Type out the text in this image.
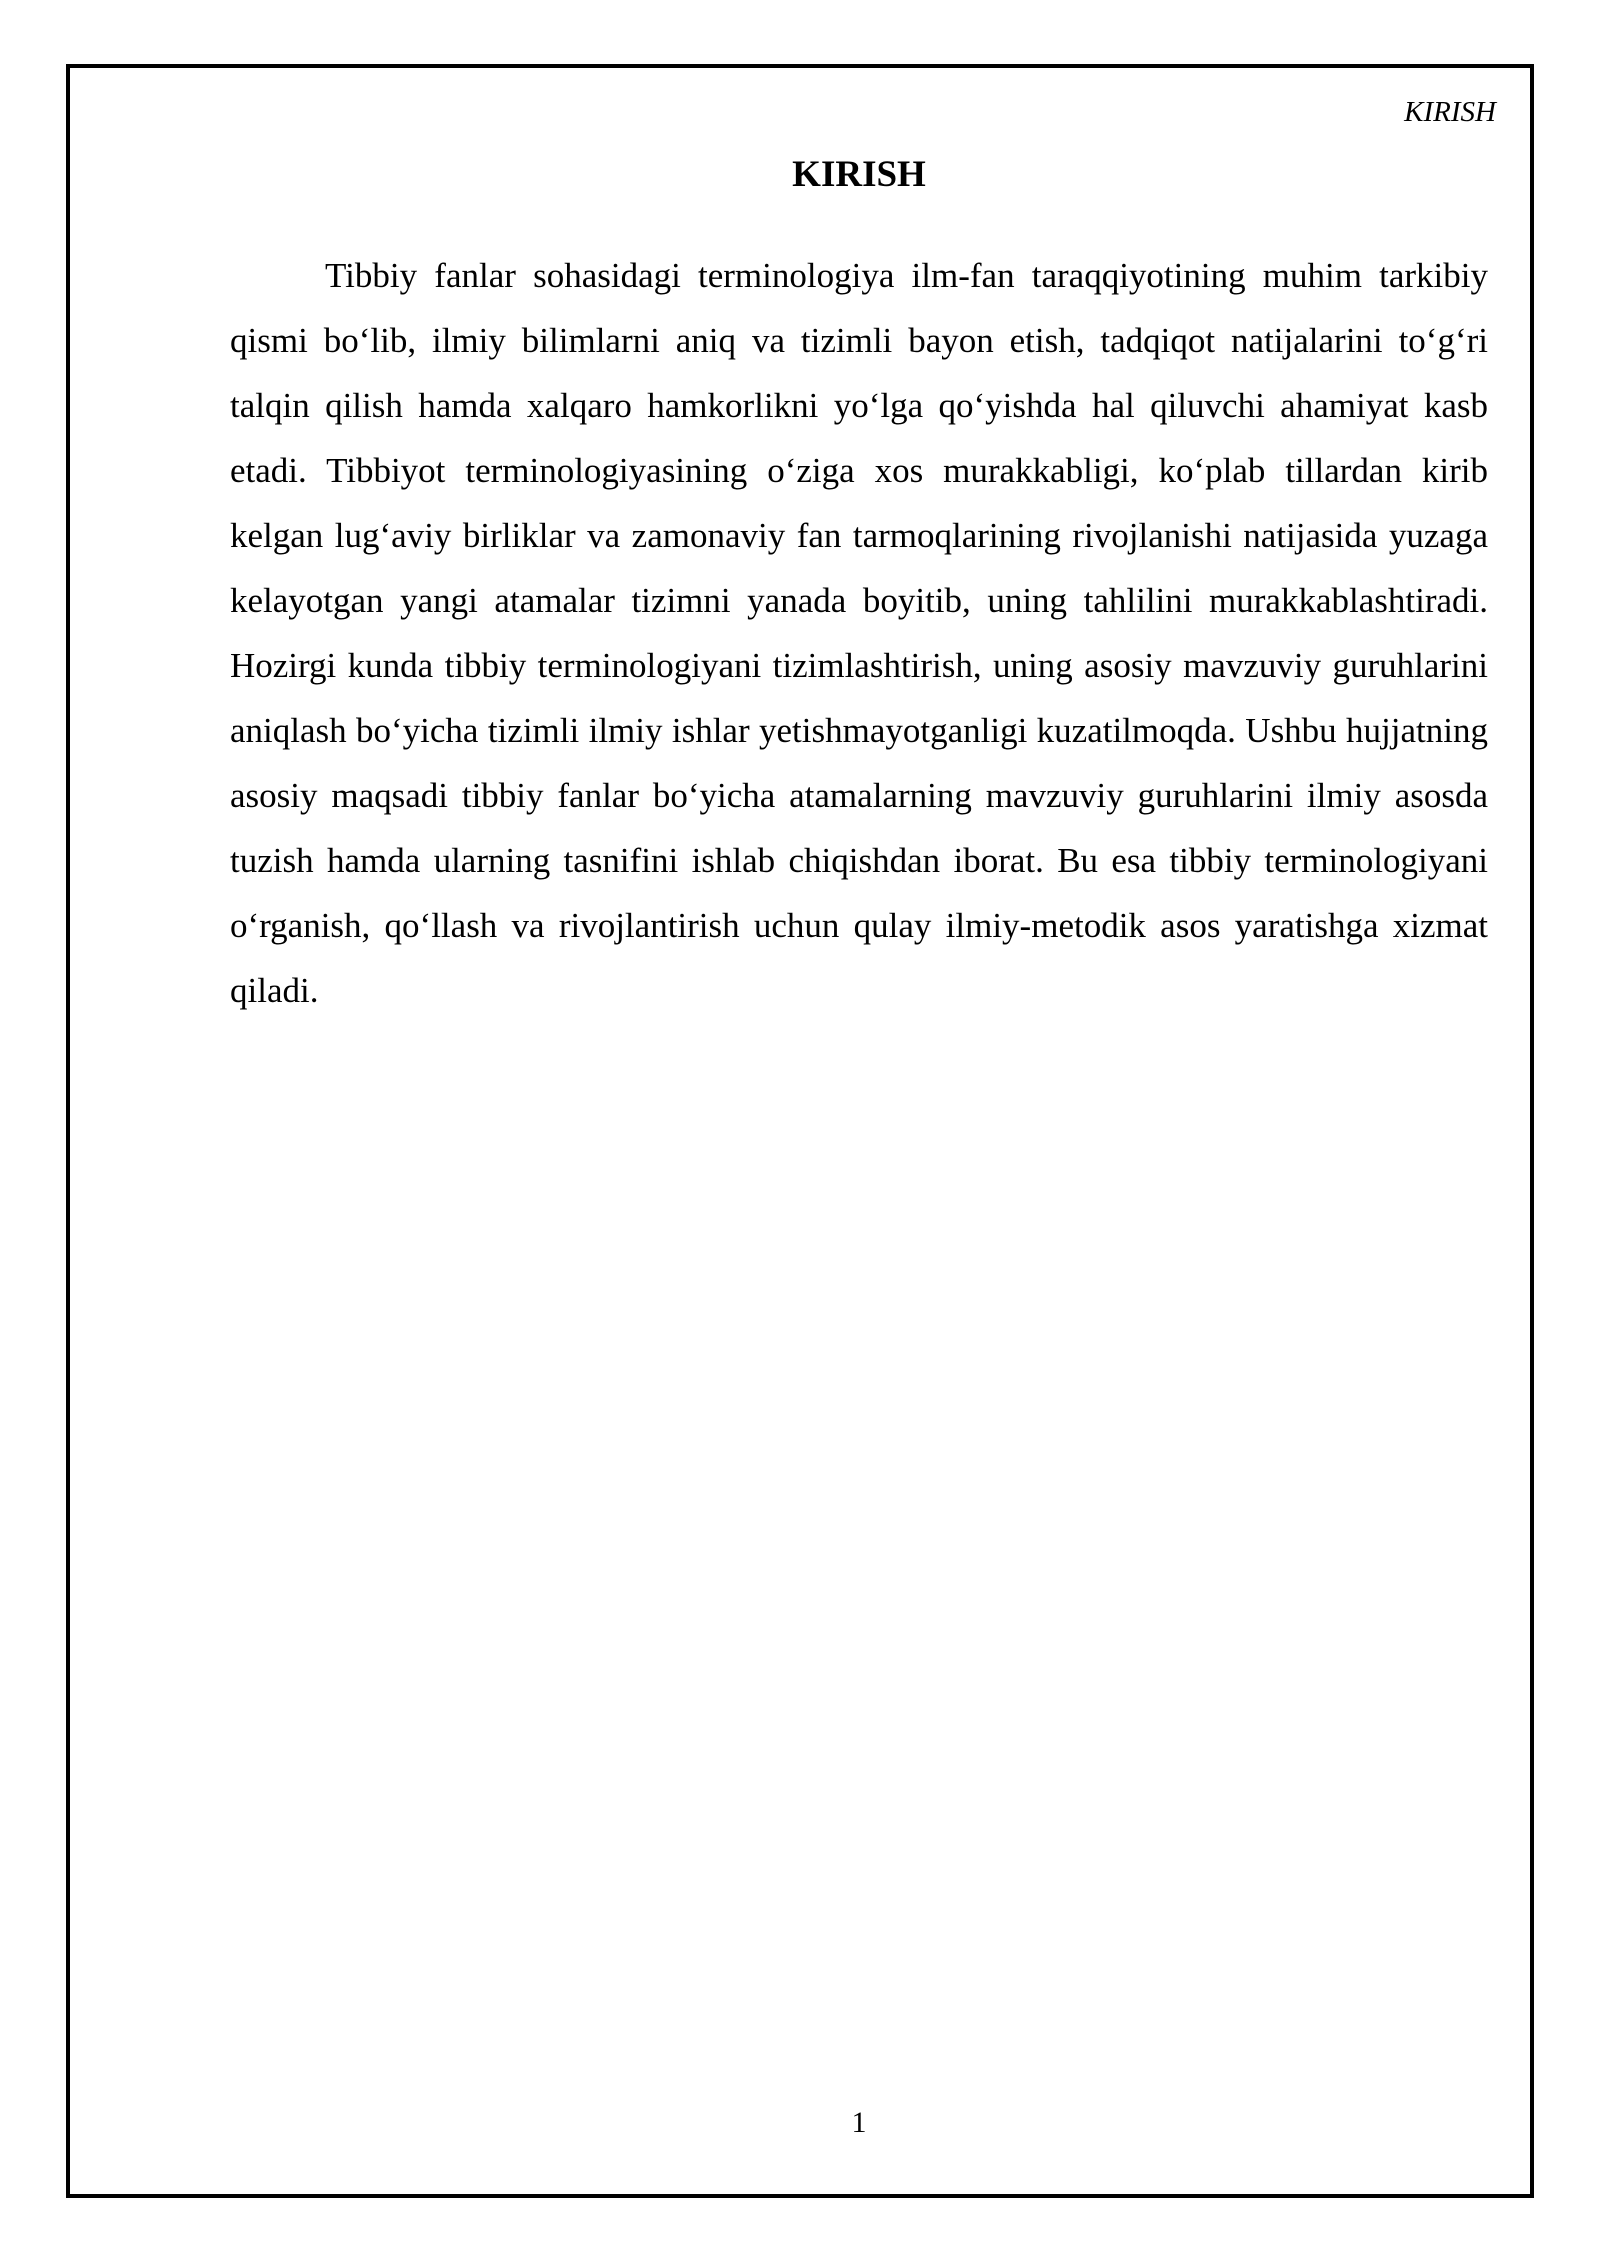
KIRISH
KIRISH

Tibbiy fanlar sohasidagi terminologiya ilm-fan taraqqiyotining muhim tarkibiy qismi bo‘lib, ilmiy bilimlarni aniq va tizimli bayon etish, tadqiqot natijalarini to‘g‘ri talqin qilish hamda xalqaro hamkorlikni yo‘lga qo‘yishda hal qiluvchi ahamiyat kasb etadi. Tibbiyot terminologiyasining o‘ziga xos murakkabligi, ko‘plab tillardan kirib kelgan lug‘aviy birliklar va zamonaviy fan tarmoqlarining rivojlanishi natijasida yuzaga kelayotgan yangi atamalar tizimni yanada boyitib, uning tahlilini murakkablashtiradi. Hozirgi kunda tibbiy terminologiyani tizimlashtirish, uning asosiy mavzuviy guruhlarini aniqlash bo‘yicha tizimli ilmiy ishlar yetishmayotganligi kuzatilmoqda. Ushbu hujjatning asosiy maqsadi tibbiy fanlar bo‘yicha atamalarning mavzuviy guruhlarini ilmiy asosda tuzish hamda ularning tasnifini ishlab chiqishdan iborat. Bu esa tibbiy terminologiyani o‘rganish, qo‘llash va rivojlantirish uchun qulay ilmiy-metodik asos yaratishga xizmat qiladi.

1
